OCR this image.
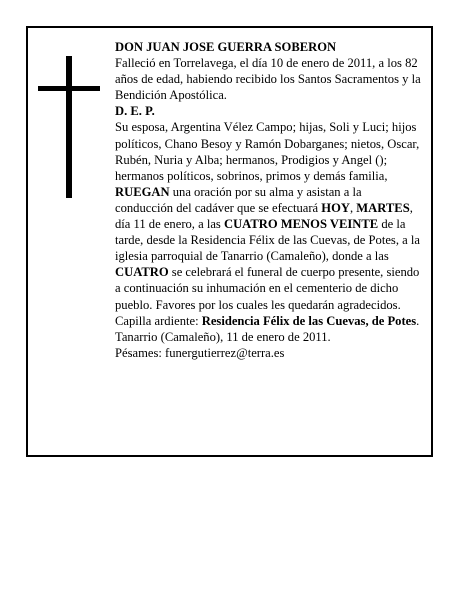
DON JUAN JOSE GUERRA SOBERON

Falleció en Torrelavega, el día 10 de enero de 2011, a los 82 años de edad, habiendo recibido los Santos Sacramentos y la Bendición Apostólica.

D. E. P.

Su esposa, Argentina Vélez Campo; hijas, Soli y Luci; hijos políticos, Chano Besoy y Ramón Dobarganes; nietos, Oscar, Rubén, Nuria y Alba; hermanos, Prodigios y Angel (); hermanos políticos, sobrinos, primos y demás familia,

RUEGAN una oración por su alma y asistan a la conducción del cadáver que se efectuará HOY, MARTES, día 11 de enero, a las CUATRO MENOS VEINTE de la tarde, desde la Residencia Félix de las Cuevas, de Potes, a la iglesia parroquial de Tanarrio (Camaleño), donde a las CUATRO se celebrará el funeral de cuerpo presente, siendo a continuación su inhumación en el cementerio de dicho pueblo. Favores por los cuales les quedarán agradecidos. Capilla ardiente: Residencia Félix de las Cuevas, de Potes.

Tanarrio (Camaleño), 11 de enero de 2011.

Pésames: funergutierrez@terra.es
